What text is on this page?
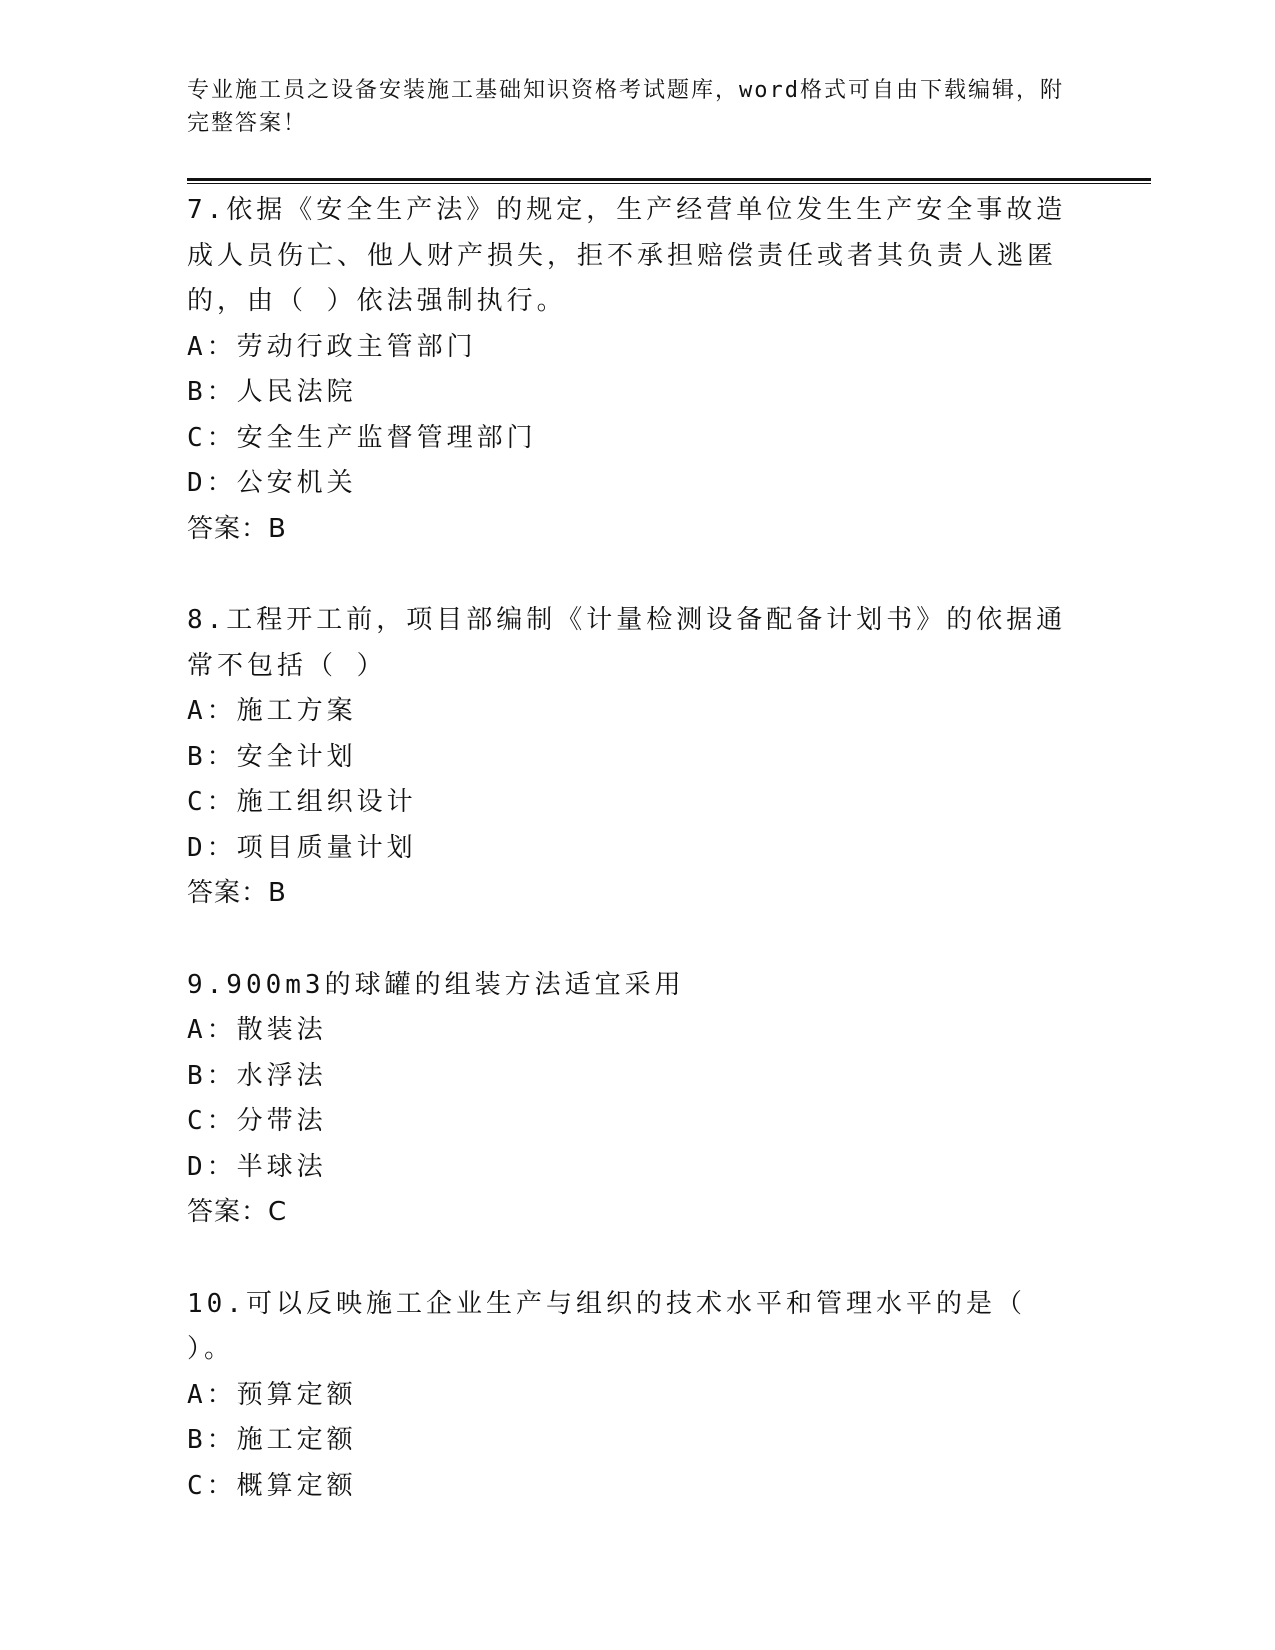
专业施工员之设备安装施工基础知识资格考试题库，word格式可自由下载编辑，附完整答案！
7.依据《安全生产法》的规定，生产经营单位发生生产安全事故造成人员伤亡、他人财产损失，拒不承担赔偿责任或者其负责人逃匿的，由（ ）依法强制执行。
A：劳动行政主管部门
B：人民法院
C：安全生产监督管理部门
D：公安机关
答案：B
8.工程开工前，项目部编制《计量检测设备配备计划书》的依据通常不包括（ ）
A：施工方案
B：安全计划
C：施工组织设计
D：项目质量计划
答案：B
9.900m3的球罐的组装方法适宜采用
A：散装法
B：水浮法
C：分带法
D：半球法
答案：C
10.可以反映施工企业生产与组织的技术水平和管理水平的是（ ）。
A：预算定额
B：施工定额
C：概算定额
